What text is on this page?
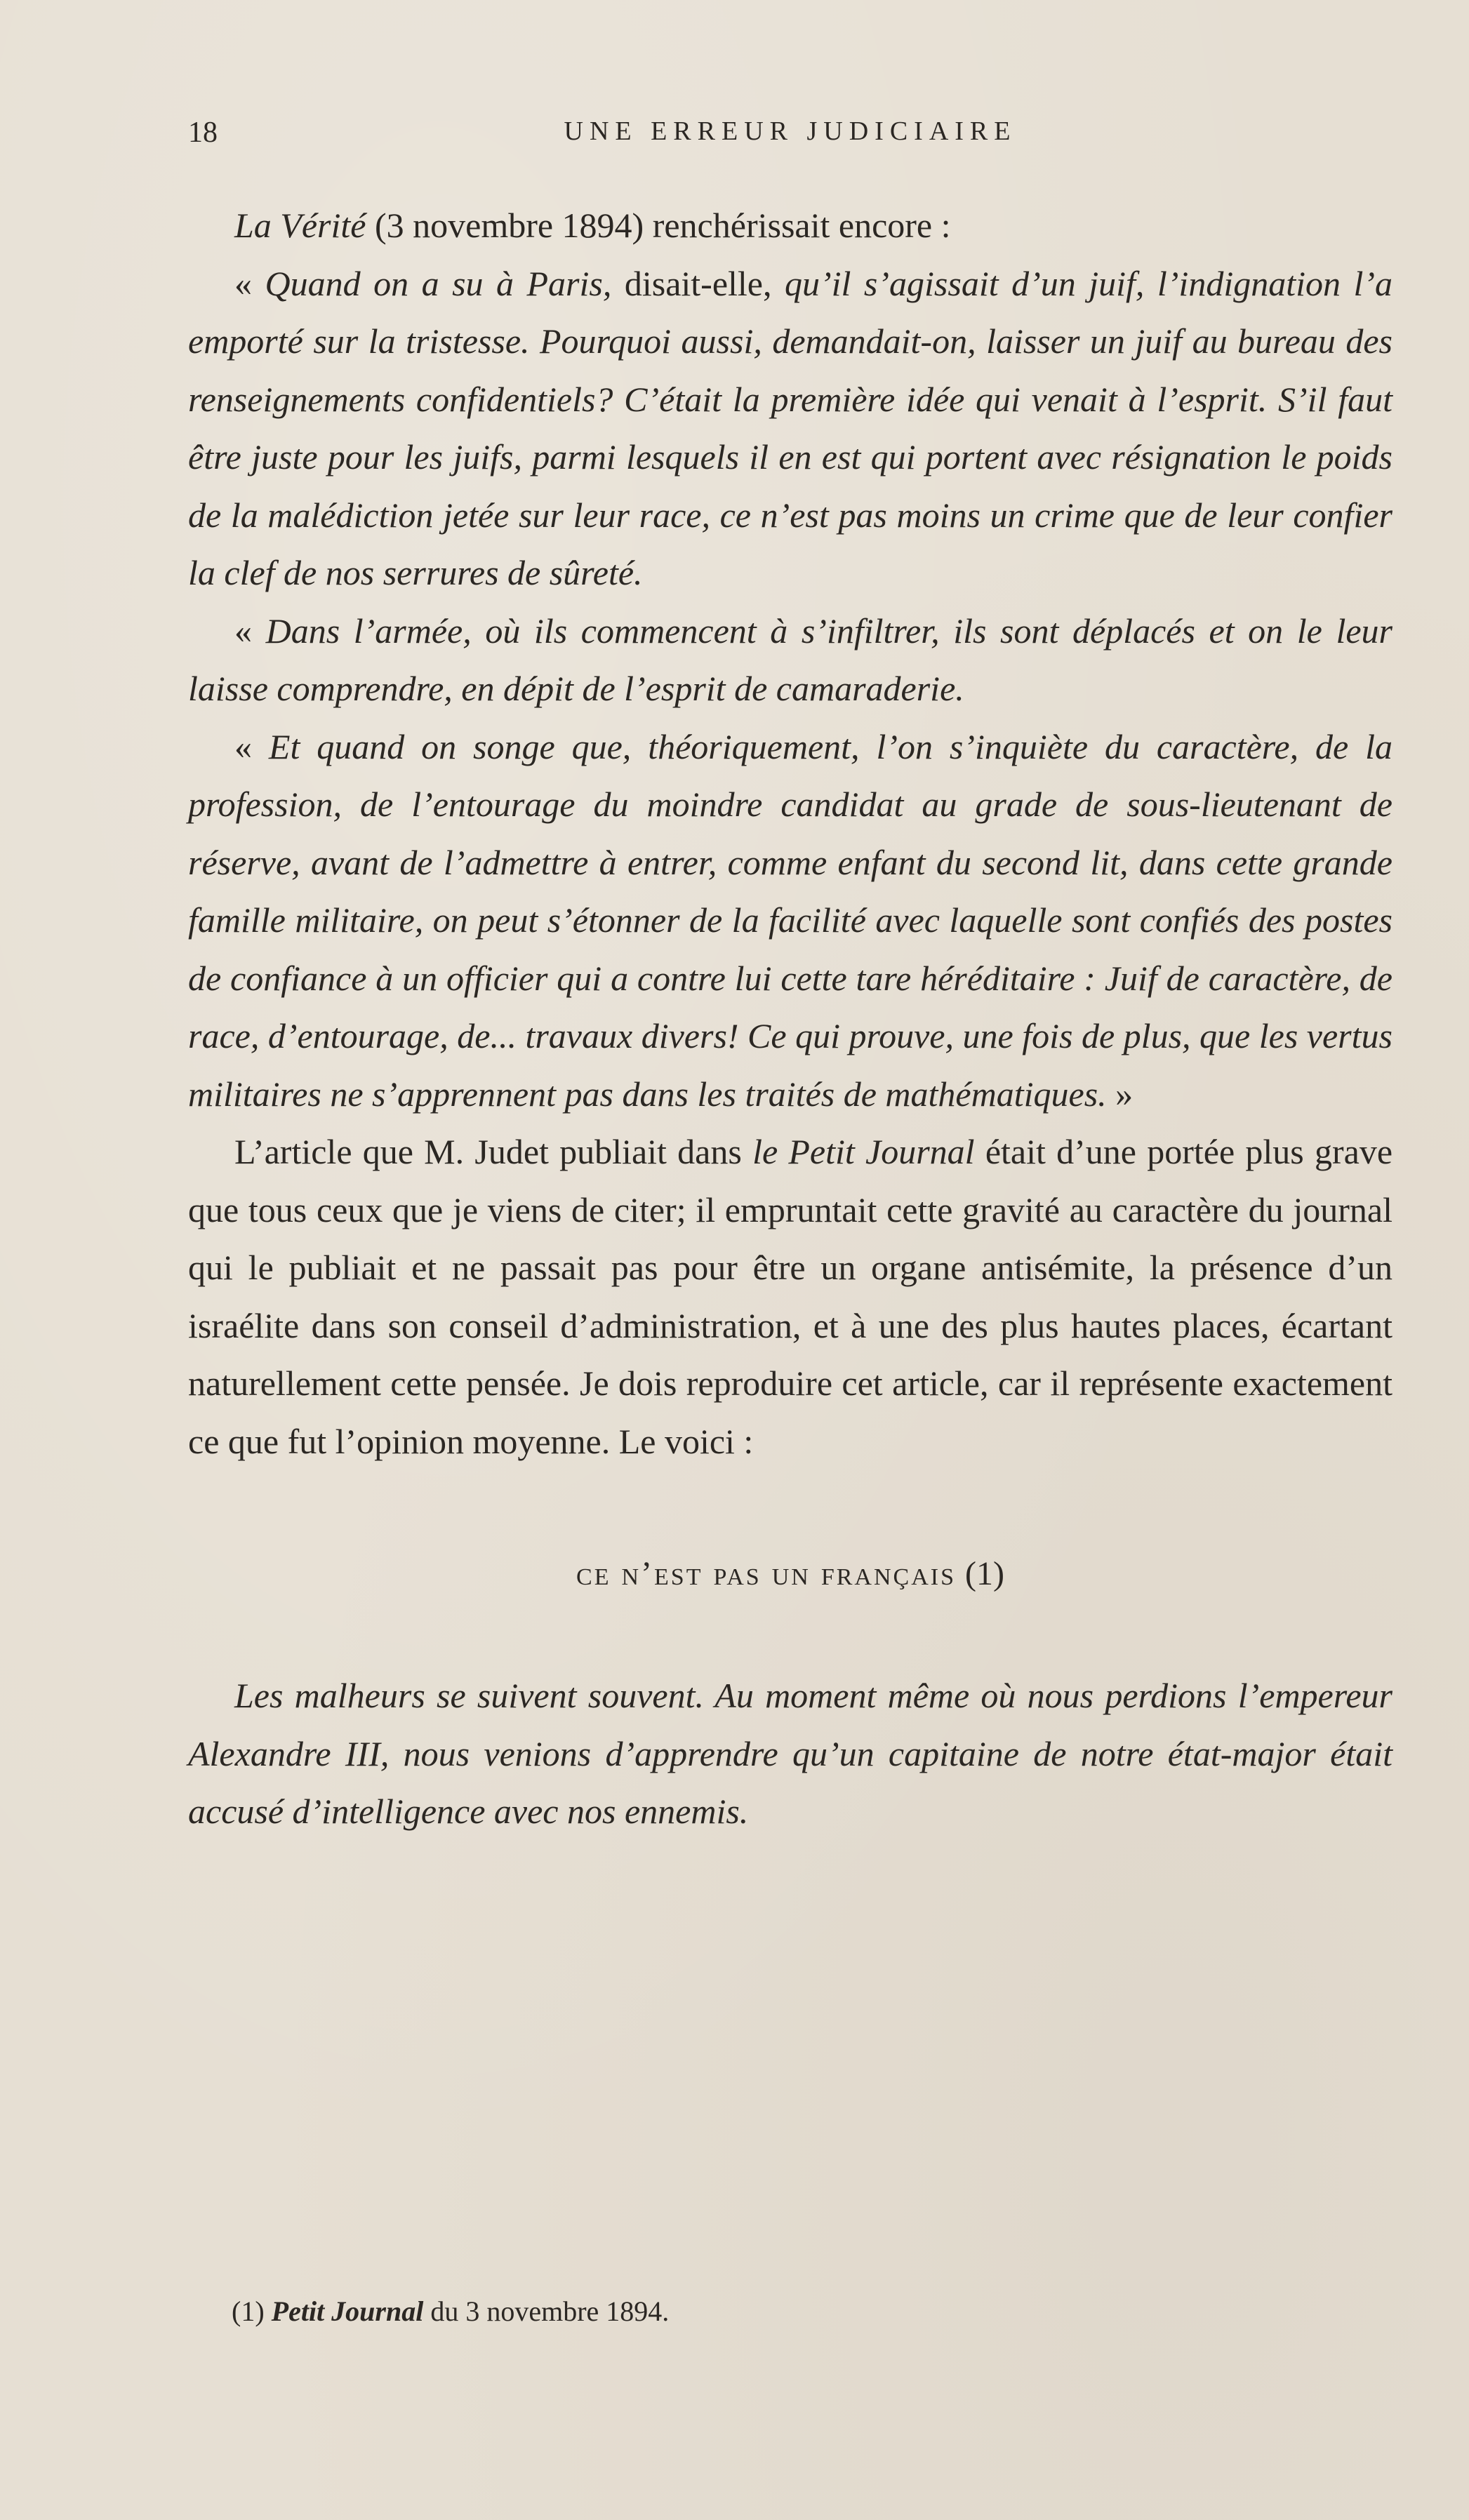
18	UNE ERREUR JUDICIAIRE

La Vérité (3 novembre 1894) renchérissait encore :

« Quand on a su à Paris, disait-elle, qu’il s’agissait d’un juif, l’indignation l’a emporté sur la tristesse. Pourquoi aussi, demandait-on, laisser un juif au bureau des renseignements confidentiels? C’était la première idée qui venait à l’esprit. S’il faut être juste pour les juifs, parmi lesquels il en est qui portent avec résignation le poids de la malédiction jetée sur leur race, ce n’est pas moins un crime que de leur confier la clef de nos serrures de sûreté.

« Dans l’armée, où ils commencent à s’infiltrer, ils sont déplacés et on le leur laisse comprendre, en dépit de l’esprit de camaraderie.

« Et quand on songe que, théoriquement, l’on s’inquiète du caractère, de la profession, de l’entourage du moindre candidat au grade de sous-lieutenant de réserve, avant de l’admettre à entrer, comme enfant du second lit, dans cette grande famille militaire, on peut s’étonner de la facilité avec laquelle sont confiés des postes de confiance à un officier qui a contre lui cette tare héréditaire : Juif de caractère, de race, d’entourage, de... travaux divers! Ce qui prouve, une fois de plus, que les vertus militaires ne s’apprennent pas dans les traités de mathématiques. »

L’article que M. Judet publiait dans le Petit Journal était d’une portée plus grave que tous ceux que je viens de citer; il empruntait cette gravité au caractère du journal qui le publiait et ne passait pas pour être un organe antisémite, la présence d’un israélite dans son conseil d’administration, et à une des plus hautes places, écartant naturellement cette pensée. Je dois reproduire cet article, car il représente exactement ce que fut l’opinion moyenne. Le voici :

ce n’est pas un français (1)

Les malheurs se suivent souvent. Au moment même où nous perdions l’empereur Alexandre III, nous venions d’apprendre qu’un capitaine de notre état-major était accusé d’intelligence avec nos ennemis.

(1) Petit Journal du 3 novembre 1894.
